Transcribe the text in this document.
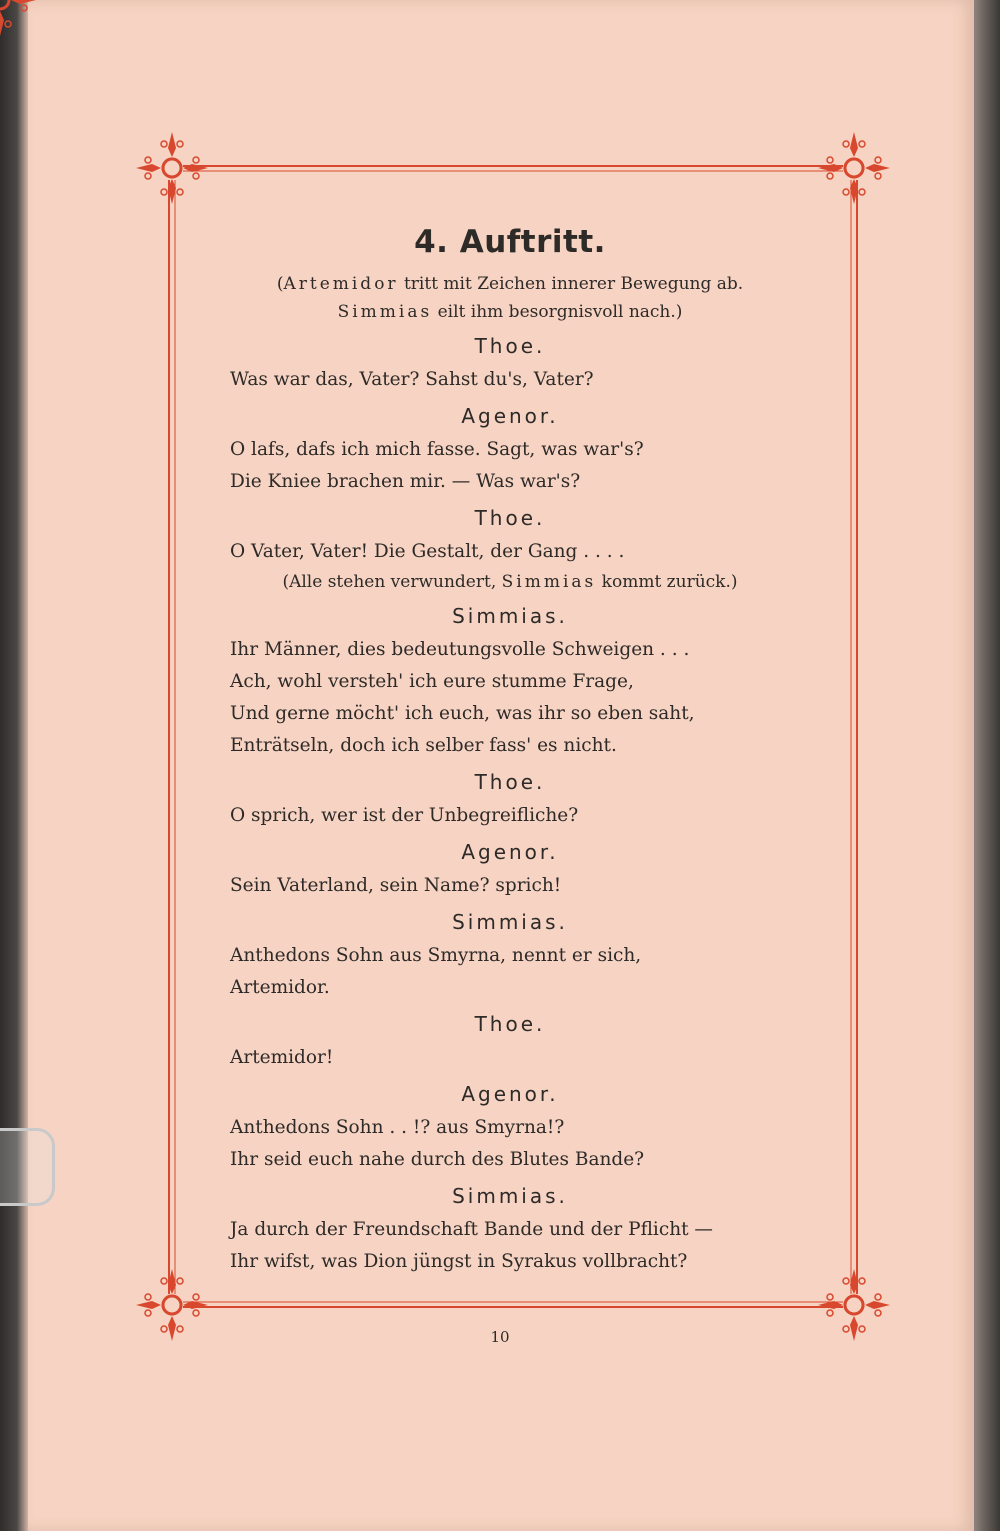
4. Auftritt.

(Artemidor tritt mit Zeichen innerer Bewegung ab. Simmias eilt ihm besorgnisvoll nach.)

Thoe.

Was war das, Vater? Sahst du's, Vater?

Agenor.

O lafs, dafs ich mich fasse. Sagt, was war's?

Die Kniee brachen mir. — Was war's?

Thoe.

O Vater, Vater! Die Gestalt, der Gang . . . .

(Alle stehen verwundert, Simmias kommt zurück.)

Simmias.

Ihr Männer, dies bedeutungsvolle Schweigen . . .

Ach, wohl versteh' ich eure stumme Frage,

Und gerne möcht' ich euch, was ihr so eben saht,

Enträtseln, doch ich selber fass' es nicht.

Thoe.

O sprich, wer ist der Unbegreifliche?

Agenor.

Sein Vaterland, sein Name? sprich!

Simmias.

Anthedons Sohn aus Smyrna, nennt er sich,

Artemidor.

Thoe.

Artemidor!

Agenor.

Anthedons Sohn . . !? aus Smyrna!?

Ihr seid euch nahe durch des Blutes Bande?

Simmias.

Ja durch der Freundschaft Bande und der Pflicht —

Ihr wifst, was Dion jüngst in Syrakus vollbracht?

10
